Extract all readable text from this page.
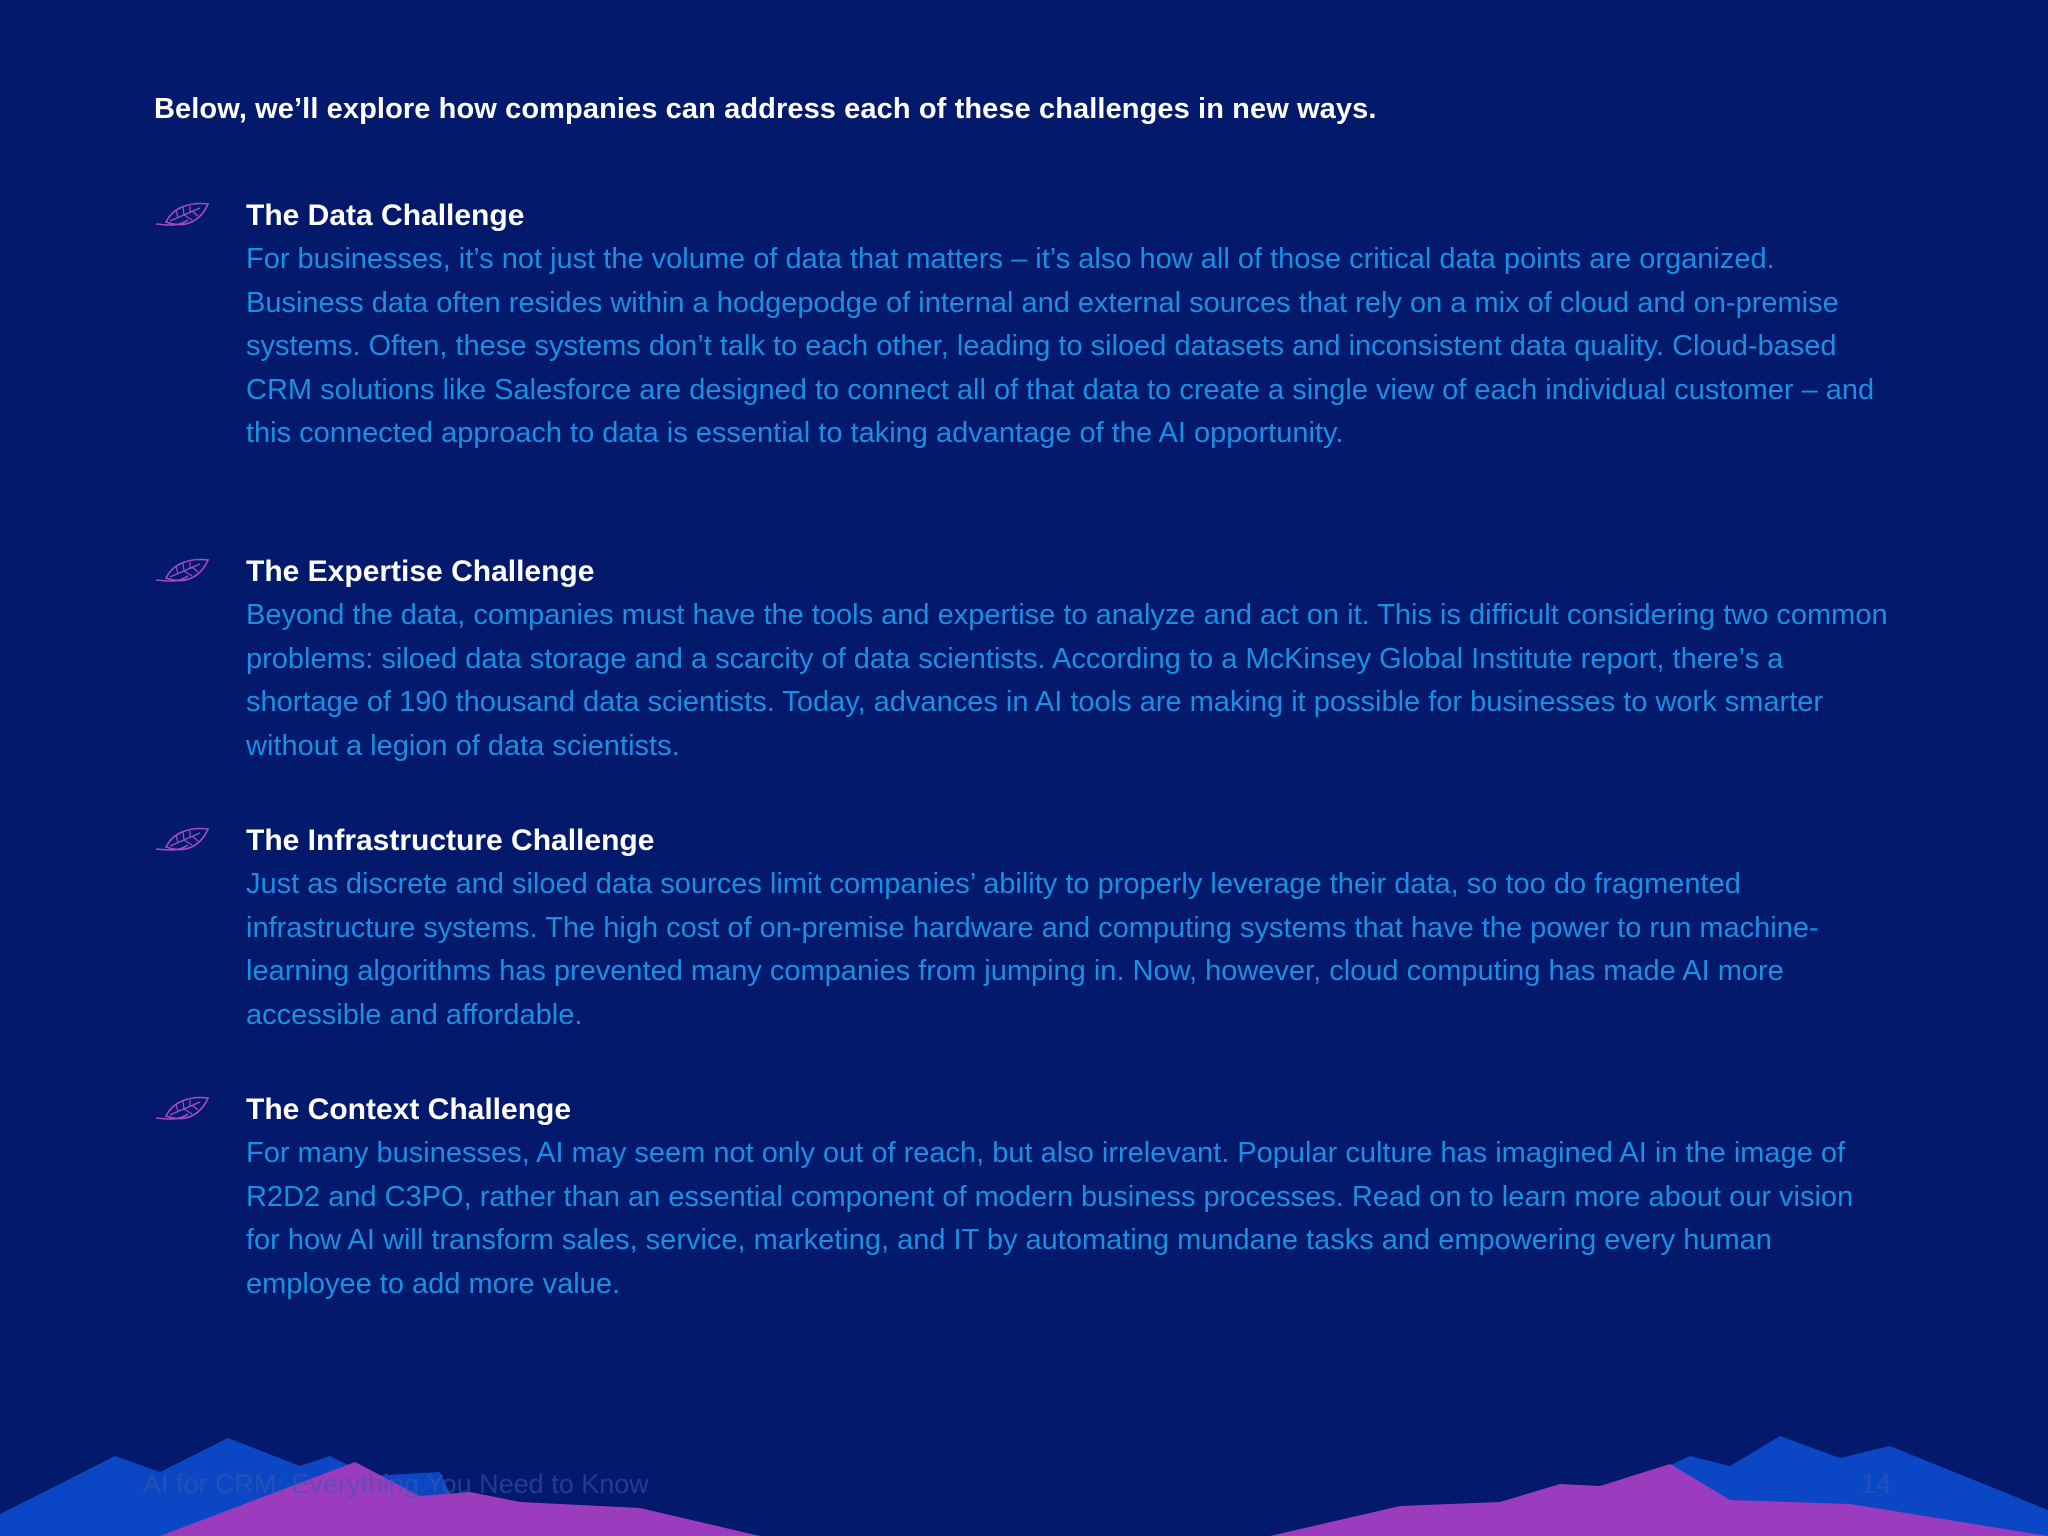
Below, we’ll explore how companies can address each of these challenges in new ways.

The Data Challenge

For businesses, it’s not just the volume of data that matters – it’s also how all of those critical data points are organized. Business data often resides within a hodgepodge of internal and external sources that rely on a mix of cloud and on-premise systems. Often, these systems don’t talk to each other, leading to siloed datasets and inconsistent data quality. Cloud-based CRM solutions like Salesforce are designed to connect all of that data to create a single view of each individual customer – and this connected approach to data is essential to taking advantage of the AI opportunity.

The Expertise Challenge

Beyond the data, companies must have the tools and expertise to analyze and act on it. This is difficult considering two common problems: siloed data storage and a scarcity of data scientists. According to a McKinsey Global Institute report, there’s a shortage of 190 thousand data scientists. Today, advances in AI tools are making it possible for businesses to work smarter without a legion of data scientists.

The Infrastructure Challenge

Just as discrete and siloed data sources limit companies’ ability to properly leverage their data, so too do fragmented infrastructure systems. The high cost of on-premise hardware and computing systems that have the power to run machine-learning algorithms has prevented many companies from jumping in. Now, however, cloud computing has made AI more accessible and affordable.

The Context Challenge

For many businesses, AI may seem not only out of reach, but also irrelevant. Popular culture has imagined AI in the image of R2D2 and C3PO, rather than an essential component of modern business processes. Read on to learn more about our vision for how AI will transform sales, service, marketing, and IT by automating mundane tasks and empowering every human employee to add more value.

AI for CRM: Everything You Need to Know	14
